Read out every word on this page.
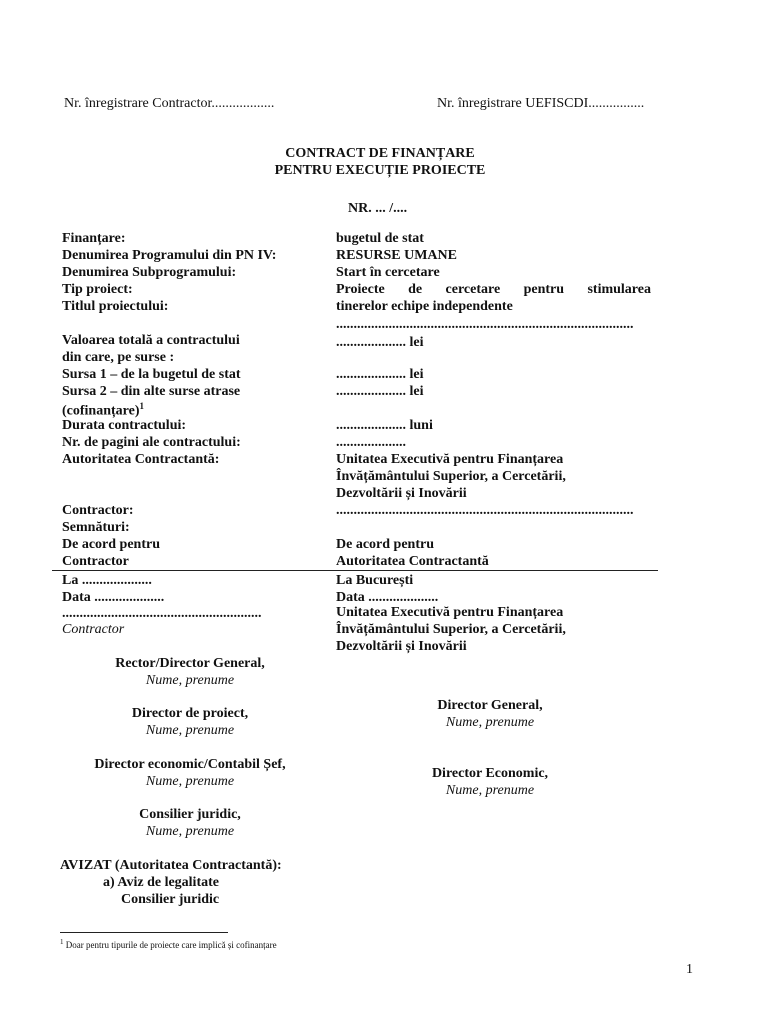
Nr. înregistrare Contractor..................	Nr. înregistrare UEFISCDI................
CONTRACT DE FINANȚARE
PENTRU EXECUȚIE PROIECTE
NR. ... /....
Finanțare:
Denumirea Programului din PN IV:
Denumirea Subprogramului:
Tip proiect:
Titlul proiectului:
Valoarea totală a contractului
din care, pe surse :
Sursa 1 – de la bugetul de stat
Sursa 2 – din alte surse atrase
(cofinanțare)$^1$
Durata contractului:
Nr. de pagini ale contractului:
Autoritatea Contractantă:
Contractor:
Semnături:
De acord pentru
Contractor
bugetul de stat
RESURSE UMANE
Start în cercetare
Proiecte de cercetare pentru stimularea
tinerelor echipe independente
.....................................................................................
.................... lei
.................... lei
.................... lei
.................... luni
....................
Unitatea Executivă pentru Finanțarea
Învățământului Superior, a Cercetării,
Dezvoltării și Inovării
.....................................................................................
De acord pentru
Autoritatea Contractantă
La ....................
Data ....................
.........................................................
Contractor
La București
Data ....................
Unitatea Executivă pentru Finanțarea
Învățământului Superior, a Cercetării,
Dezvoltării și Inovării
Rector/Director General,
Nume, prenume
Director de proiect,
Nume, prenume
Director economic/Contabil Șef,
Nume, prenume
Consilier juridic,
Nume, prenume
Director General,
Nume, prenume
Director Economic,
Nume, prenume
AVIZAT (Autoritatea Contractantă):
a) Aviz de legalitate
Consilier juridic
$^1$ Doar pentru tipurile de proiecte care implică și cofinanțare
1
